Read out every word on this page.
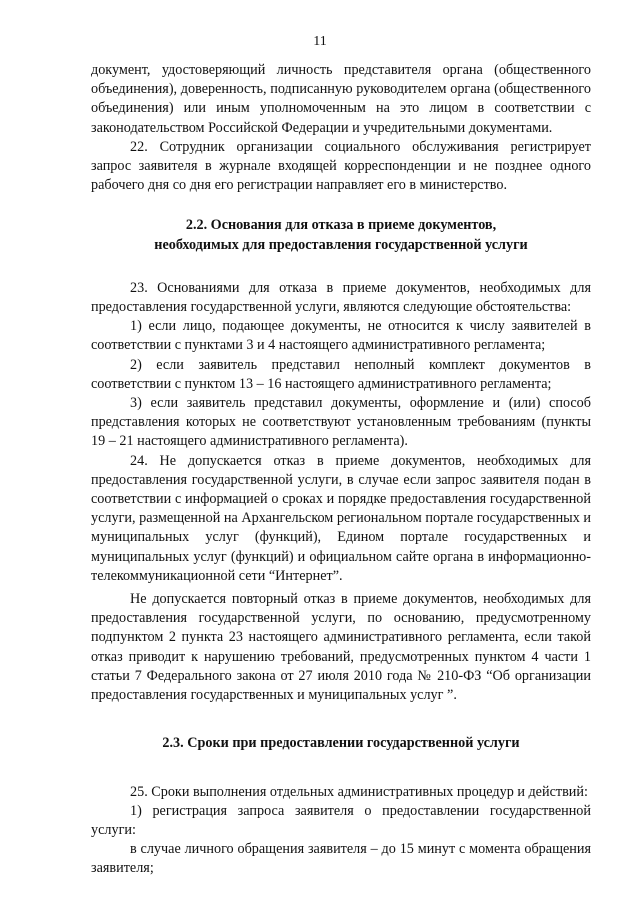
11

документ, удостоверяющий личность представителя органа (общественного объединения), доверенность, подписанную руководителем органа (общественного объединения) или иным уполномоченным на это лицом в соответствии с законодательством Российской Федерации и учредительными документами.

22. Сотрудник организации социального обслуживания регистрирует запрос заявителя в журнале входящей корреспонденции и не позднее одного рабочего дня со дня его регистрации направляет его в министерство.

2.2. Основания для отказа в приеме документов,
необходимых для предоставления государственной услуги

23. Основаниями для отказа в приеме документов, необходимых для предоставления государственной услуги, являются следующие обстоятельства:

1) если лицо, подающее документы, не относится к числу заявителей в соответствии с пунктами 3 и 4 настоящего административного регламента;

2) если заявитель представил неполный комплект документов в соответствии с пунктом 13 – 16 настоящего административного регламента;

3) если заявитель представил документы, оформление и (или) способ представления которых не соответствуют установленным требованиям (пункты 19 – 21 настоящего административного регламента).

24. Не допускается отказ в приеме документов, необходимых для предоставления государственной услуги, в случае если запрос заявителя подан в соответствии с информацией о сроках и порядке предоставления государственной услуги, размещенной на Архангельском региональном портале государственных и муниципальных услуг (функций), Едином портале государственных и муниципальных услуг (функций) и официальном сайте органа в информационно-телекоммуникационной сети “Интернет”.

Не допускается повторный отказ в приеме документов, необходимых для предоставления государственной услуги, по основанию, предусмотренному подпунктом 2 пункта 23 настоящего административного регламента, если такой отказ приводит к нарушению требований, предусмотренных пунктом 4 части 1 статьи 7 Федерального закона от 27 июля 2010 года № 210-ФЗ “Об организации предоставления государственных и муниципальных услуг ”.

2.3. Сроки при предоставлении государственной услуги

25. Сроки выполнения отдельных административных процедур и действий:

1) регистрация запроса заявителя о предоставлении государственной услуги:

в случае личного обращения заявителя – до 15 минут с момента обращения заявителя;
